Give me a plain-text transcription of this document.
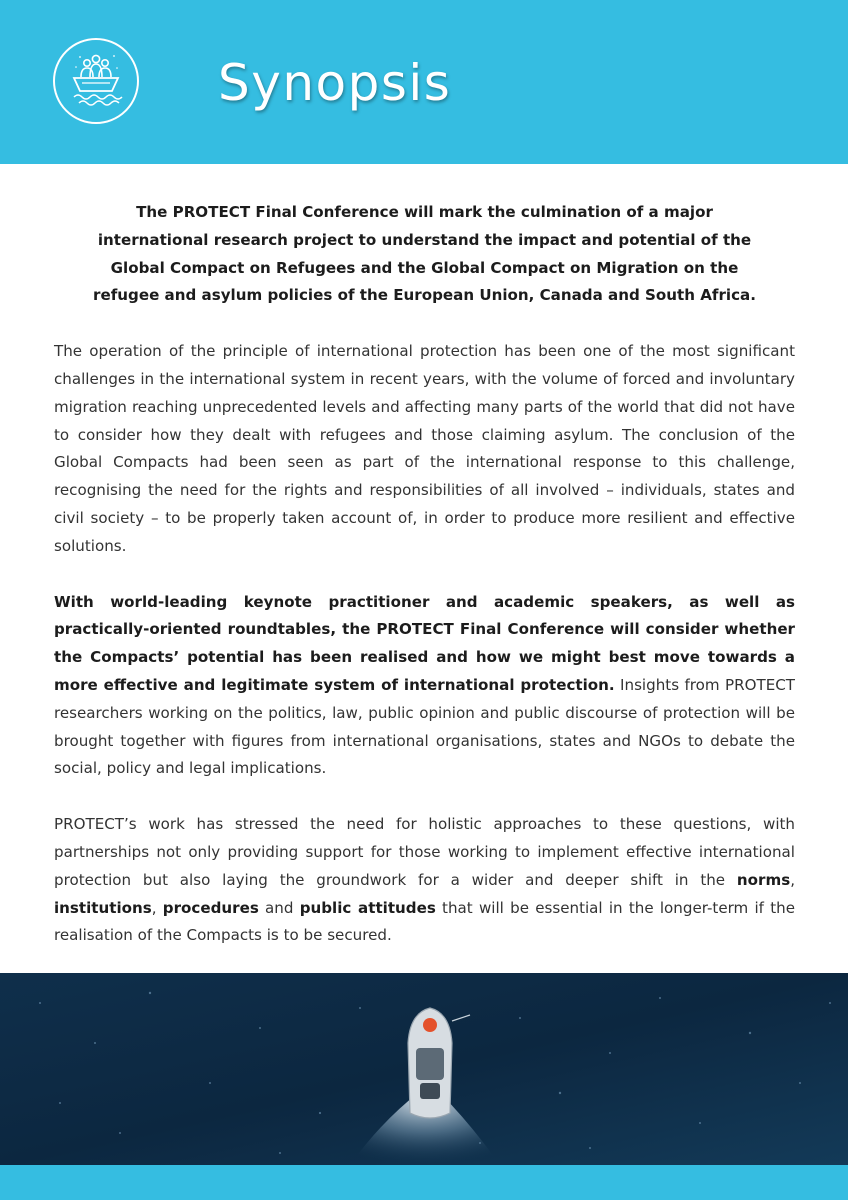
Synopsis

The PROTECT Final Conference will mark the culmination of a major international research project to understand the impact and potential of the Global Compact on Refugees and the Global Compact on Migration on the refugee and asylum policies of the European Union, Canada and South Africa.

The operation of the principle of international protection has been one of the most significant challenges in the international system in recent years, with the volume of forced and involuntary migration reaching unprecedented levels and affecting many parts of the world that did not have to consider how they dealt with refugees and those claiming asylum. The conclusion of the Global Compacts had been seen as part of the international response to this challenge, recognising the need for the rights and responsibilities of all involved – individuals, states and civil society – to be properly taken account of, in order to produce more resilient and effective solutions.

With world-leading keynote practitioner and academic speakers, as well as practically-oriented roundtables, the PROTECT Final Conference will consider whether the Compacts’ potential has been realised and how we might best move towards a more effective and legitimate system of international protection. Insights from PROTECT researchers working on the politics, law, public opinion and public discourse of protection will be brought together with figures from international organisations, states and NGOs to debate the social, policy and legal implications.

PROTECT’s work has stressed the need for holistic approaches to these questions, with partnerships not only providing support for those working to implement effective international protection but also laying the groundwork for a wider and deeper shift in the norms, institutions, procedures and public attitudes that will be essential in the longer-term if the realisation of the Compacts is to be secured.
